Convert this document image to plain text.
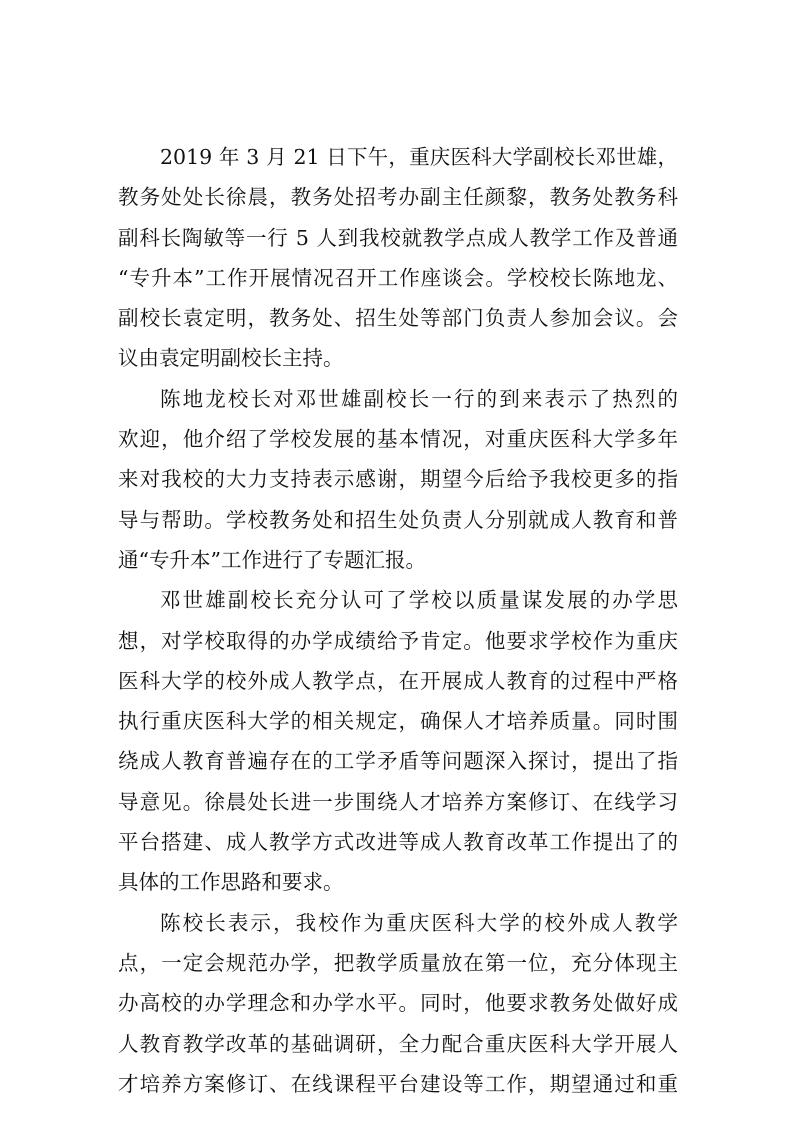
2019 年 3 月 21 日下午，重庆医科大学副校长邓世雄，
教务处处长徐晨，教务处招考办副主任颜黎，教务处教务科
副科长陶敏等一行 5 人到我校就教学点成人教学工作及普通
“专升本”工作开展情况召开工作座谈会。学校校长陈地龙、
副校长袁定明，教务处、招生处等部门负责人参加会议。会
议由袁定明副校长主持。
陈地龙校长对邓世雄副校长一行的到来表示了热烈的
欢迎，他介绍了学校发展的基本情况，对重庆医科大学多年
来对我校的大力支持表示感谢，期望今后给予我校更多的指
导与帮助。学校教务处和招生处负责人分别就成人教育和普
通“专升本”工作进行了专题汇报。
邓世雄副校长充分认可了学校以质量谋发展的办学思
想，对学校取得的办学成绩给予肯定。他要求学校作为重庆
医科大学的校外成人教学点，在开展成人教育的过程中严格
执行重庆医科大学的相关规定，确保人才培养质量。同时围
绕成人教育普遍存在的工学矛盾等问题深入探讨，提出了指
导意见。徐晨处长进一步围绕人才培养方案修订、在线学习
平台搭建、成人教学方式改进等成人教育改革工作提出了的
具体的工作思路和要求。
陈校长表示，我校作为重庆医科大学的校外成人教学
点，一定会规范办学，把教学质量放在第一位，充分体现主
办高校的办学理念和办学水平。同时，他要求教务处做好成
人教育教学改革的基础调研，全力配合重庆医科大学开展人
才培养方案修订、在线课程平台建设等工作，期望通过和重
